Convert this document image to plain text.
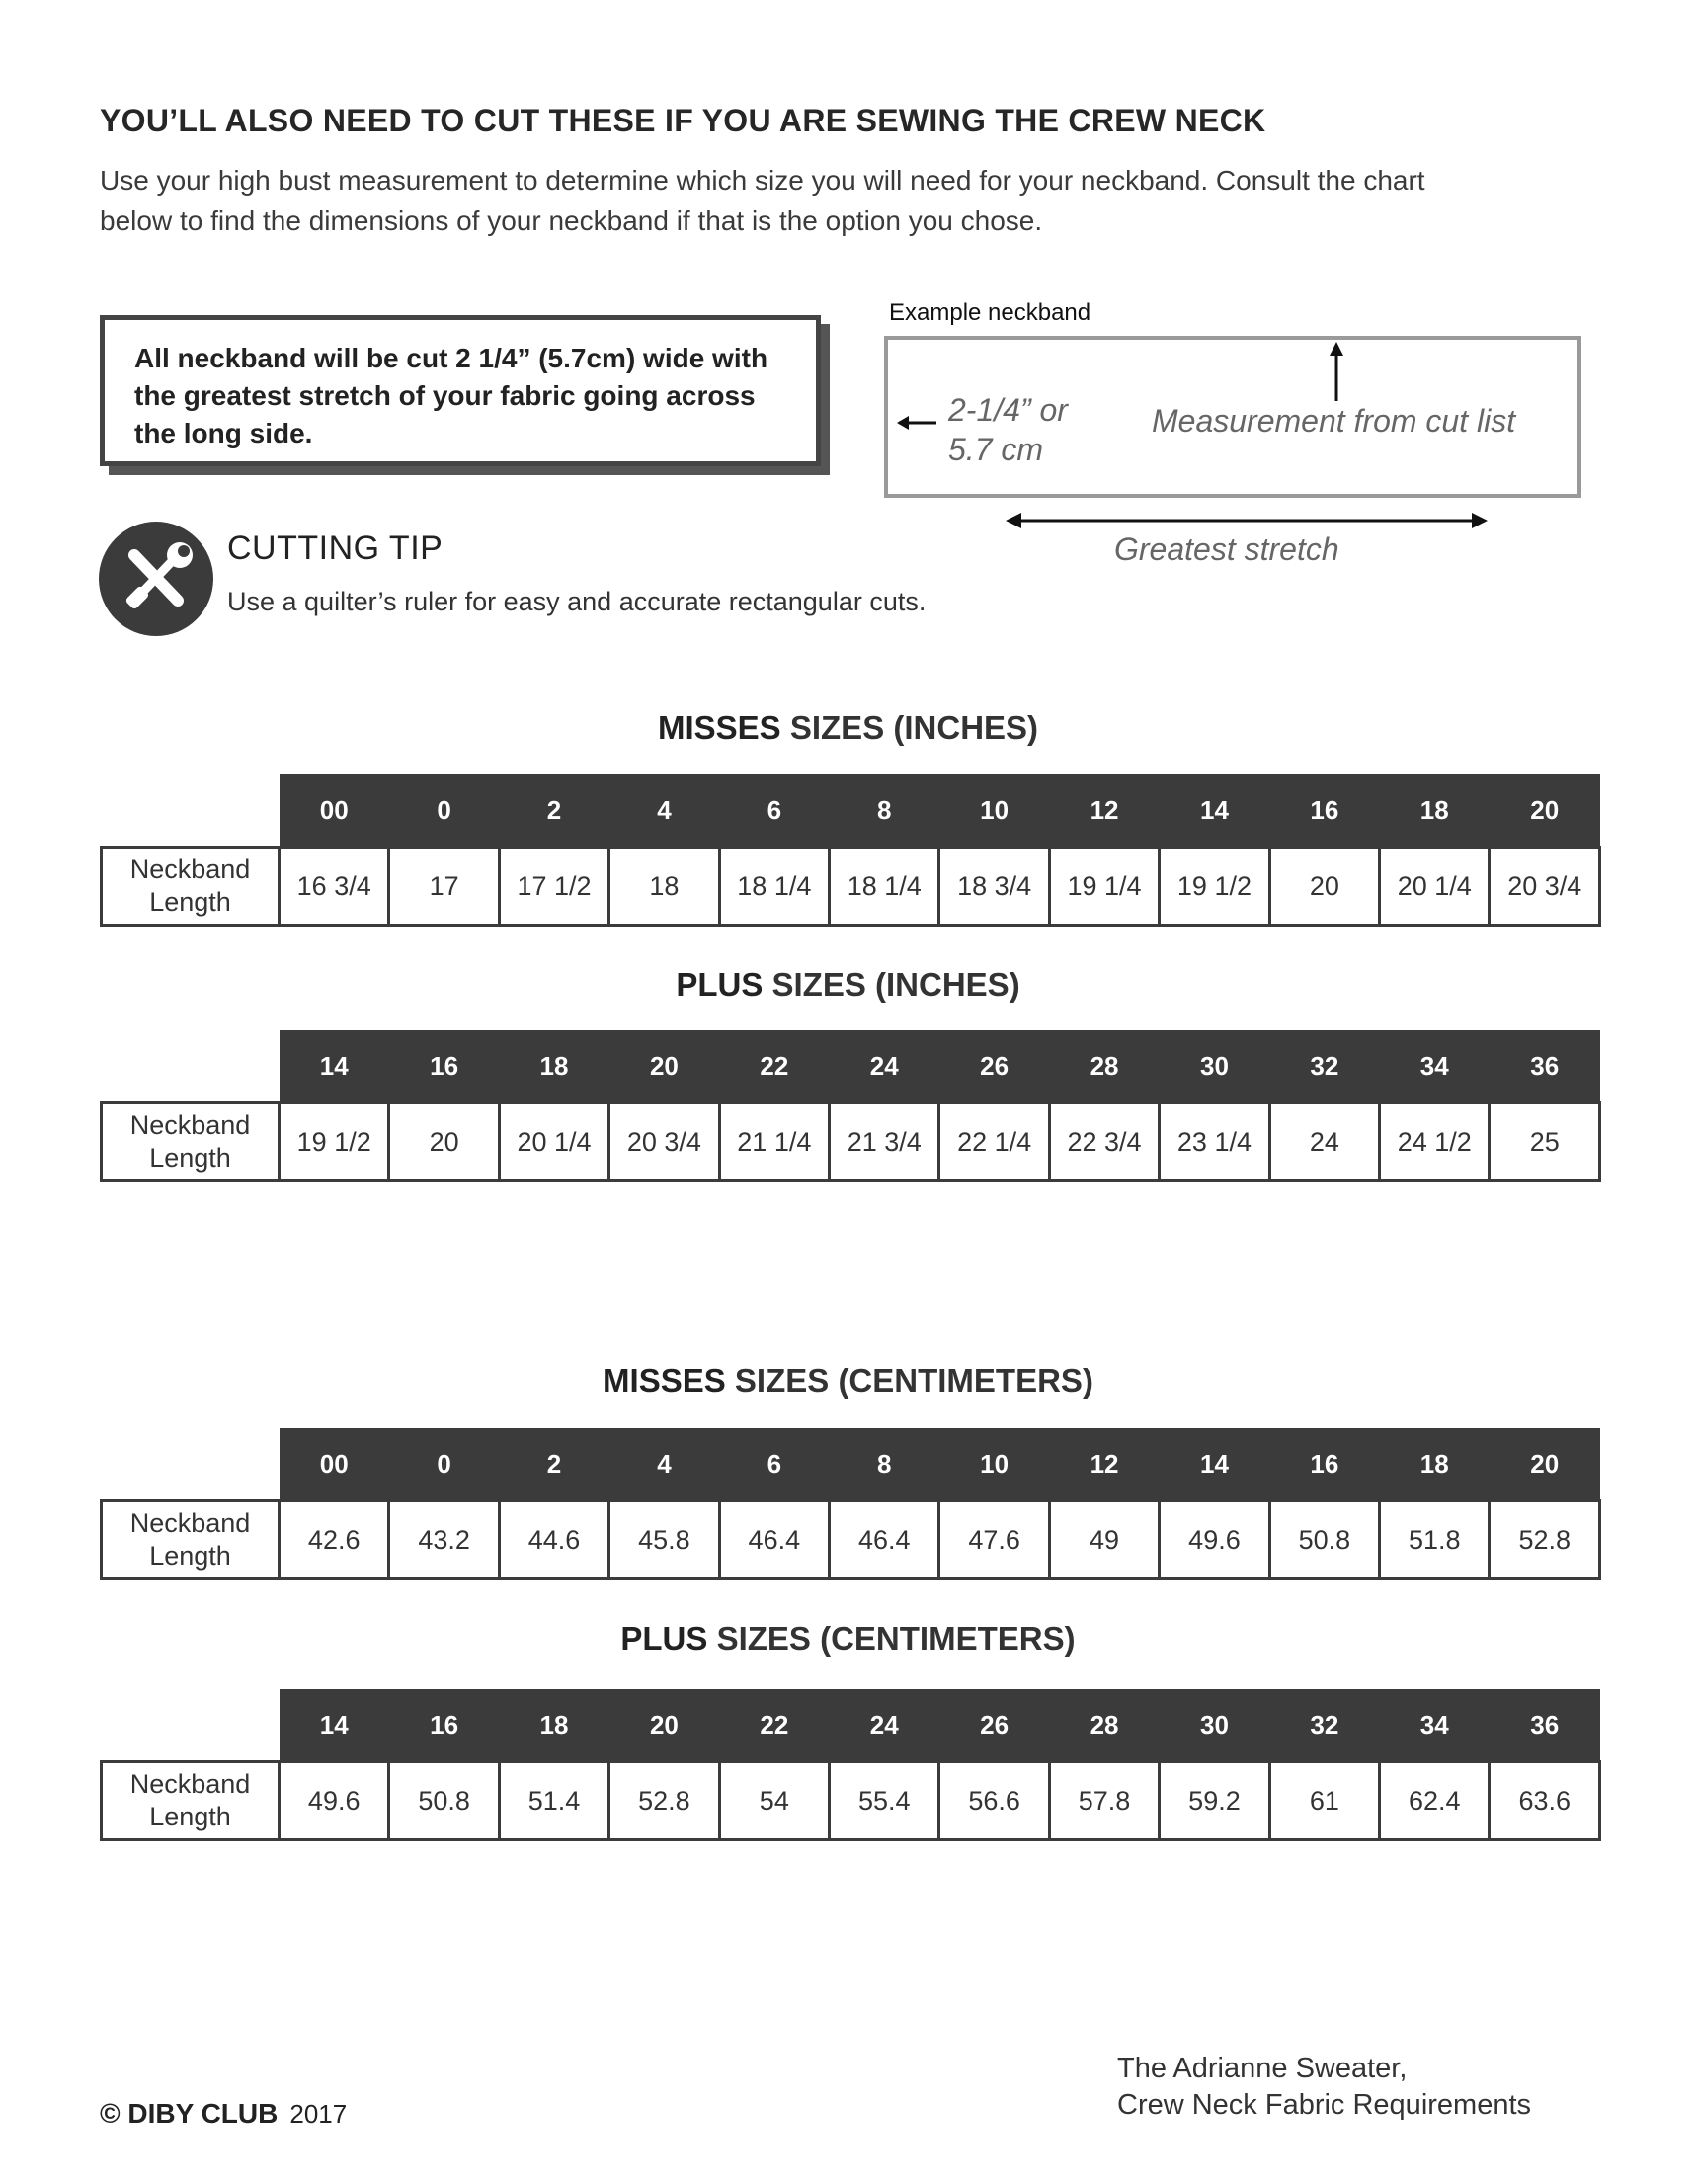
YOU’LL ALSO NEED TO CUT THESE IF YOU ARE SEWING THE CREW NECK

Use your high bust measurement to determine which size you will need for your neckband. Consult the chart
below to find the dimensions of your neckband if that is the option you chose.

All neckband will be cut 2 1/4” (5.7cm) wide with
the greatest stretch of your fabric going across
the long side.
Example neckband
2-1/4” or
5.7 cm
Measurement from cut list
Greatest stretch
CUTTING TIP
Use a quilter’s ruler for easy and accurate rectangular cuts.
MISSES SIZES (INCHES)
	00	0	2	4	6	8	10	12	14	16	18	20
Neckband
Length	16 3/4	17	17 1/2	18	18 1/4	18 1/4	18 3/4	19 1/4	19 1/2	20	20 1/4	20 3/4
PLUS SIZES (INCHES)
	14	16	18	20	22	24	26	28	30	32	34	36
Neckband
Length	19 1/2	20	20 1/4	20 3/4	21 1/4	21 3/4	22 1/4	22 3/4	23 1/4	24	24 1/2	25
MISSES SIZES (CENTIMETERS)
	00	0	2	4	6	8	10	12	14	16	18	20
Neckband
Length	42.6	43.2	44.6	45.8	46.4	46.4	47.6	49	49.6	50.8	51.8	52.8
PLUS SIZES (CENTIMETERS)
	14	16	18	20	22	24	26	28	30	32	34	36
Neckband
Length	49.6	50.8	51.4	52.8	54	55.4	56.6	57.8	59.2	61	62.4	63.6
© DIBY CLUB 2017
The Adrianne Sweater,
Crew Neck Fabric Requirements
